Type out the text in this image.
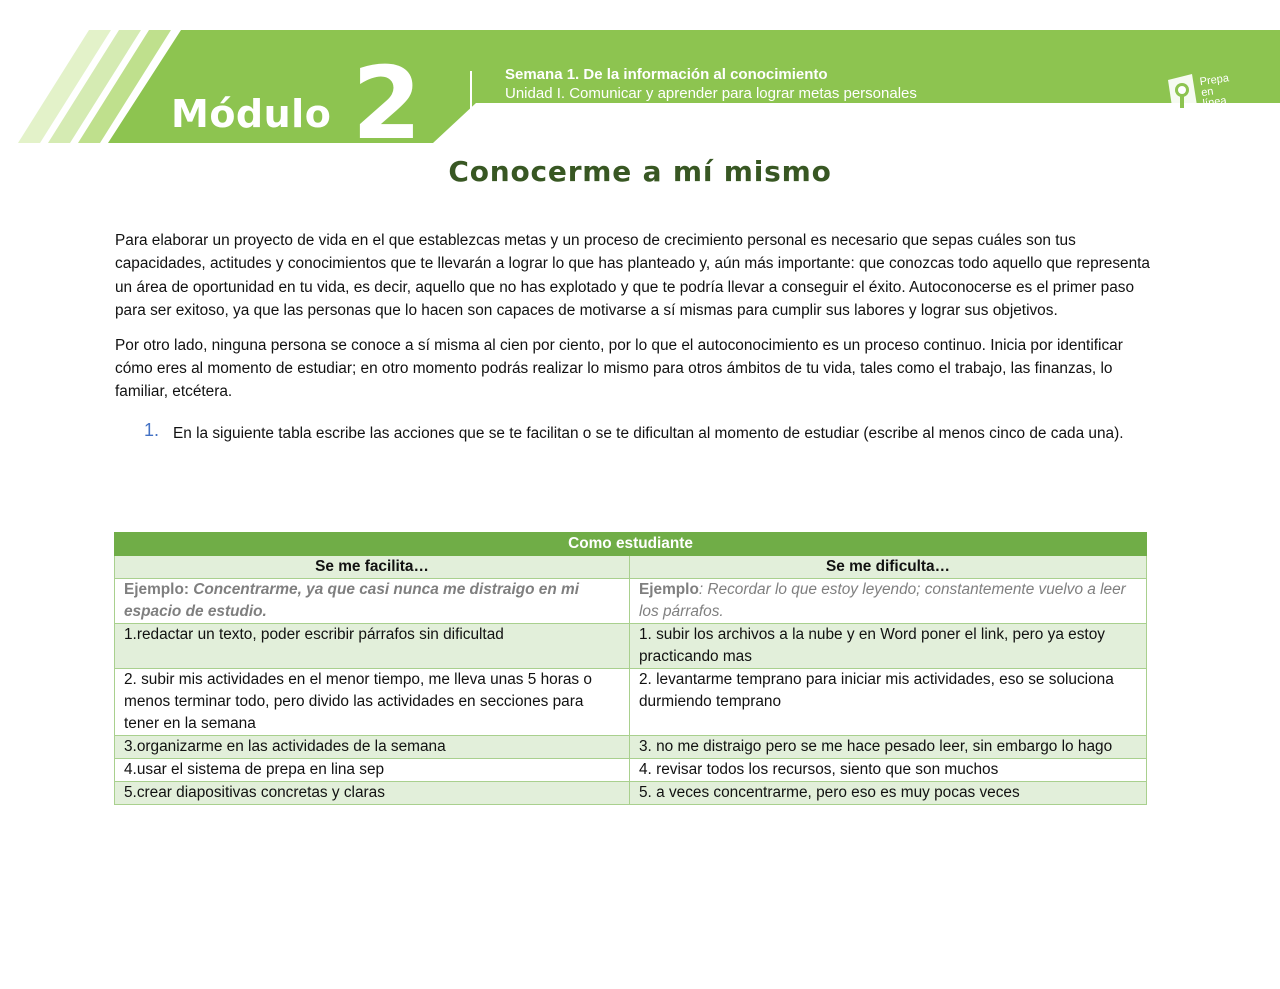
Módulo 2	Semana 1. De la información al conocimiento
Unidad I. Comunicar y aprender para lograr metas personales
Actividad Integradora 1
Prepa en
línea
SEP
Conocerme a mí mismo

Para elaborar un proyecto de vida en el que establezcas metas y un proceso de crecimiento personal es necesario que sepas cuáles son tus capacidades, actitudes y conocimientos que te llevarán a lograr lo que has planteado y, aún más importante: que conozcas todo aquello que representa un área de oportunidad en tu vida, es decir, aquello que no has explotado y que te podría llevar a conseguir el éxito. Autoconocerse es el primer paso para ser exitoso, ya que las personas que lo hacen son capaces de motivarse a sí mismas para cumplir sus labores y lograr sus objetivos.

Por otro lado, ninguna persona se conoce a sí misma al cien por ciento, por lo que el autoconocimiento es un proceso continuo. Inicia por identificar cómo eres al momento de estudiar; en otro momento podrás realizar lo mismo para otros ámbitos de tu vida, tales como el trabajo, las finanzas, lo familiar, etcétera.

1. En la siguiente tabla escribe las acciones que se te facilitan o se te dificultan al momento de estudiar (escribe al menos cinco de cada una).
Como estudiante	
Se me facilita…	Se me dificulta…
Ejemplo: Concentrarme, ya que casi nunca me distraigo en mi espacio de estudio.	Ejemplo: Recordar lo que estoy leyendo; constantemente vuelvo a leer los párrafos.
1.redactar un texto, poder escribir párrafos sin dificultad	1. subir los archivos a la nube y en Word poner el link, pero ya estoy practicando mas
2. subir mis actividades en el menor tiempo, me lleva unas 5 horas o menos terminar todo, pero divido las actividades en secciones para tener en la semana	2. levantarme temprano para iniciar mis actividades, eso se soluciona durmiendo temprano
3.organizarme en las actividades de la semana	3. no me distraigo pero se me hace pesado leer, sin embargo lo hago
4.usar el sistema de prepa en lina sep	4. revisar todos los recursos, siento que son muchos
5.crear diapositivas concretas y claras	5. a veces concentrarme, pero eso es muy pocas veces
